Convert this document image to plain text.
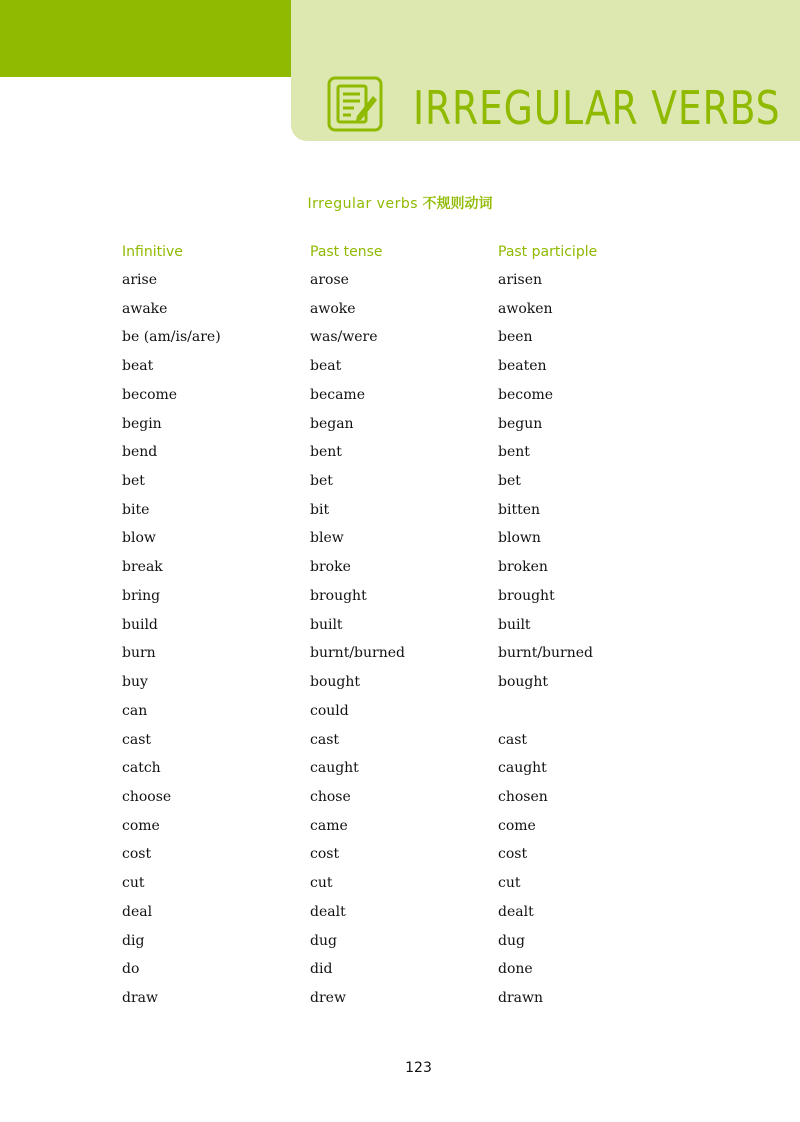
IRREGULAR VERBS
Irregular verbs 不规则动词
Infinitive	Past tense	Past participle
arise	arose	arisen
awake	awoke	awoken
be (am/is/are)	was/were	been
beat	beat	beaten
become	became	become
begin	began	begun
bend	bent	bent
bet	bet	bet
bite	bit	bitten
blow	blew	blown
break	broke	broken
bring	brought	brought
build	built	built
burn	burnt/burned	burnt/burned
buy	bought	bought
can	could
cast	cast	cast
catch	caught	caught
choose	chose	chosen
come	came	come
cost	cost	cost
cut	cut	cut
deal	dealt	dealt
dig	dug	dug
do	did	done
draw	drew	drawn
123
